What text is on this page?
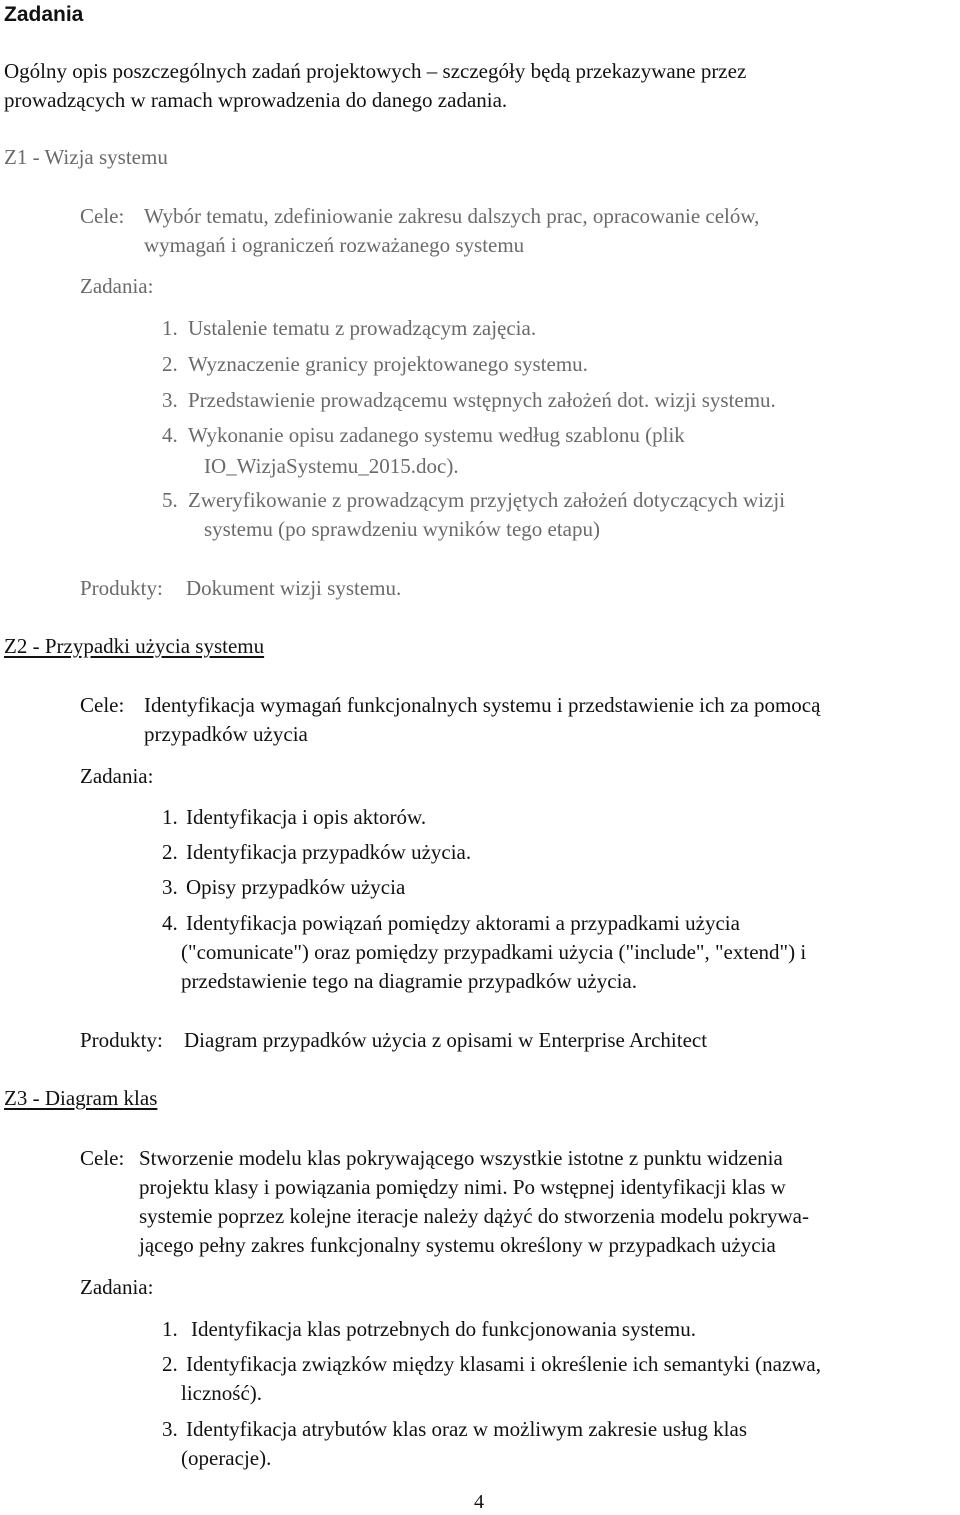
Zadania

Ogólny opis poszczególnych zadań projektowych – szczegóły będą przekazywane przez

prowadzących w ramach wprowadzenia do danego zadania.

Z1 - Wizja systemu
Cele: Wybór tematu, zdefiniowanie zakresu dalszych prac, opracowanie celów,
wymagań i ograniczeń rozważanego systemu
Zadania:
1. Ustalenie tematu z prowadzącym zajęcia.
2. Wyznaczenie granicy projektowanego systemu.
3. Przedstawienie prowadzącemu wstępnych założeń dot. wizji systemu.
4. Wykonanie opisu zadanego systemu według szablonu (plik
IO_WizjaSystemu_2015.doc).
5. Zweryfikowanie z prowadzącym przyjętych założeń dotyczących wizji
systemu (po sprawdzeniu wyników tego etapu)
Produkty: Dokument wizji systemu.
Z2 - Przypadki użycia systemu
Cele: Identyfikacja wymagań funkcjonalnych systemu i przedstawienie ich za pomocą
przypadków użycia
Zadania:
1. Identyfikacja i opis aktorów.
2. Identyfikacja przypadków użycia.
3. Opisy przypadków użycia
4. Identyfikacja powiązań pomiędzy aktorami a przypadkami użycia
("comunicate") oraz pomiędzy przypadkami użycia ("include", "extend") i
przedstawienie tego na diagramie przypadków użycia.
Produkty: Diagram przypadków użycia z opisami w Enterprise Architect
Z3 - Diagram klas
Cele: Stworzenie modelu klas pokrywającego wszystkie istotne z punktu widzenia
projektu klasy i powiązania pomiędzy nimi. Po wstępnej identyfikacji klas w
systemie poprzez kolejne iteracje należy dążyć do stworzenia modelu pokrywa-
jącego pełny zakres funkcjonalny systemu określony w przypadkach użycia
Zadania:
1. Identyfikacja klas potrzebnych do funkcjonowania systemu.
2. Identyfikacja związków między klasami i określenie ich semantyki (nazwa,
liczność).
3. Identyfikacja atrybutów klas oraz w możliwym zakresie usług klas
(operacje).
4
